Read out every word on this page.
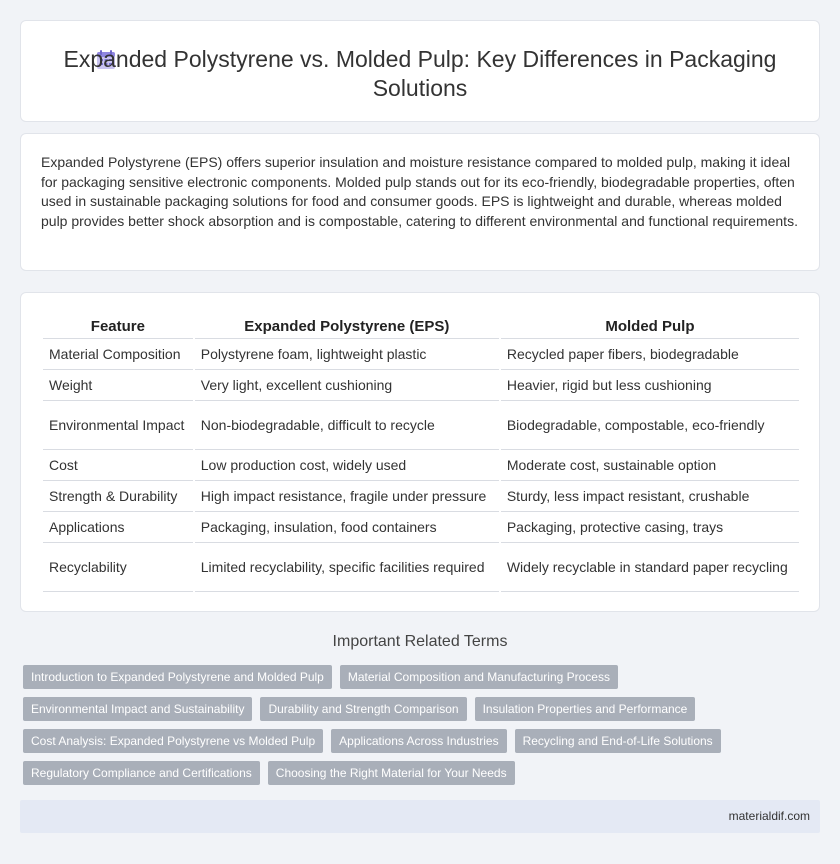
Expanded Polystyrene vs. Molded Pulp: Key Differences in Packaging Solutions

Expanded Polystyrene (EPS) offers superior insulation and moisture resistance compared to molded pulp, making it ideal for packaging sensitive electronic components. Molded pulp stands out for its eco-friendly, biodegradable properties, often used in sustainable packaging solutions for food and consumer goods. EPS is lightweight and durable, whereas molded pulp provides better shock absorption and is compostable, catering to different environmental and functional requirements.

Feature	Expanded Polystyrene (EPS)	Molded Pulp
Material Composition	Polystyrene foam, lightweight plastic	Recycled paper fibers, biodegradable
Weight	Very light, excellent cushioning	Heavier, rigid but less cushioning
Environmental Impact	Non-biodegradable, difficult to recycle	Biodegradable, compostable, eco-friendly
Cost	Low production cost, widely used	Moderate cost, sustainable option
Strength & Durability	High impact resistance, fragile under pressure	Sturdy, less impact resistant, crushable
Applications	Packaging, insulation, food containers	Packaging, protective casing, trays
Recyclability	Limited recyclability, specific facilities required	Widely recyclable in standard paper recycling
Important Related Terms
Introduction to Expanded Polystyrene and Molded Pulp	Material Composition and Manufacturing Process
Environmental Impact and Sustainability	Durability and Strength Comparison	Insulation Properties and Performance
Cost Analysis: Expanded Polystyrene vs Molded Pulp	Applications Across Industries	Recycling and End-of-Life Solutions
Regulatory Compliance and Certifications	Choosing the Right Material for Your Needs
materialdif.com
